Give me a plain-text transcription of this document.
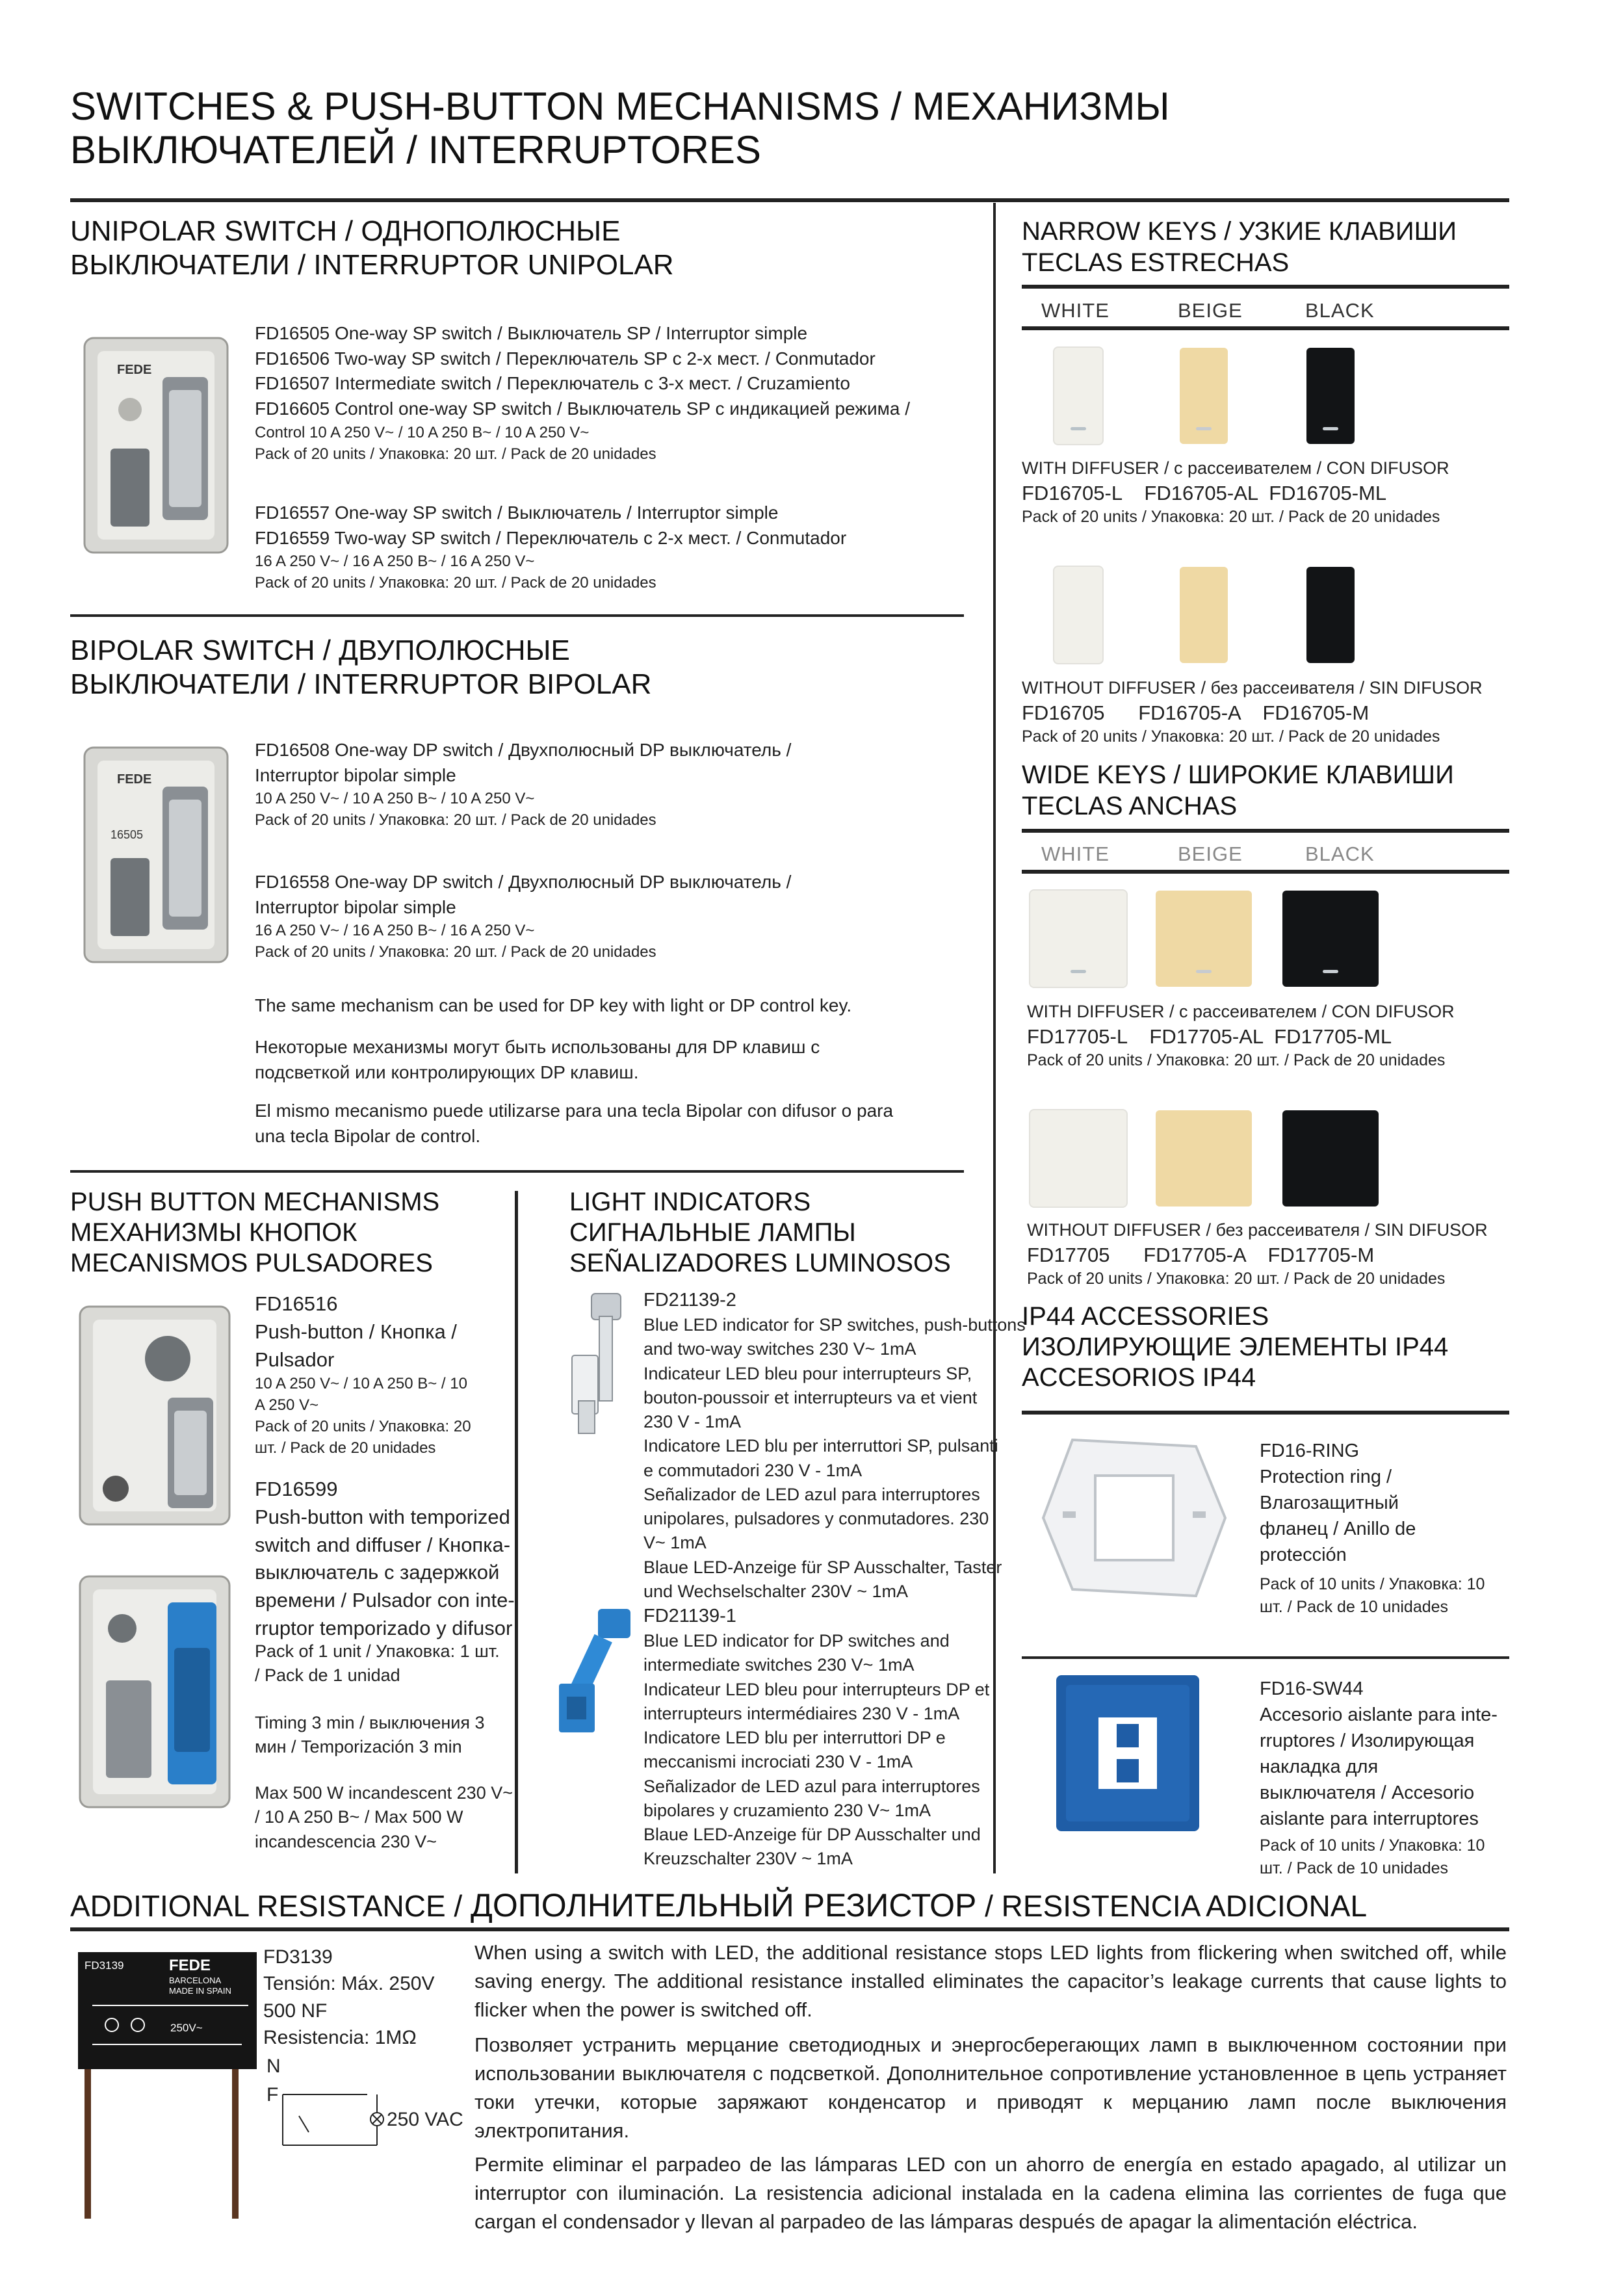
SWITCHES & PUSH-BUTTON MECHANISMS / МЕХАНИЗМЫ
ВЫКЛЮЧАТЕЛЕЙ / INTERRUPTORES
UNIPOLAR SWITCH / ОДНОПОЛЮСНЫЕ
ВЫКЛЮЧАТЕЛИ / INTERRUPTOR UNIPOLAR
FEDE
FD16505 One-way SP switch / Выключатель SP / Interruptor simple
FD16506 Two-way SP switch / Переключатель SP с 2-х мест. / Conmutador
FD16507 Intermediate switch / Переключатель с 3-х мест. / Cruzamiento
FD16605 Control one-way SP switch / Выключатель SP с индикацией режима /
Control 10 A 250 V~ / 10 A 250 B~ / 10 A 250 V~
Pack of 20 units / Упаковка: 20 шт. / Pack de 20 unidades
FD16557 One-way SP switch / Выключатель / Interruptor simple
FD16559 Two-way SP switch / Переключатель с 2-х мест. / Conmutador
16 A 250 V~ / 16 A 250 B~ / 16 A 250 V~
Pack of 20 units / Упаковка: 20 шт. / Pack de 20 unidades
BIPOLAR SWITCH / ДВУПОЛЮСНЫЕ
ВЫКЛЮЧАТЕЛИ / INTERRUPTOR BIPOLAR
FEDE
16505
FD16508 One-way DP switch / Двухполюсный DP выключатель /
Interruptor bipolar simple
10 A 250 V~ / 10 A 250 B~ / 10 A 250 V~
Pack of 20 units / Упаковка: 20 шт. / Pack de 20 unidades
FD16558 One-way DP switch / Двухполюсный DP выключатель /
Interruptor bipolar simple
16 A 250 V~ / 16 A 250 B~ / 16 A 250 V~
Pack of 20 units / Упаковка: 20 шт. / Pack de 20 unidades
The same mechanism can be used for DP key with light or DP control key.
Некоторые механизмы могут быть использованы для DP клавиш с
подсветкой или контролирующих DP клавиш.
El mismo mecanismo puede utilizarse para una tecla Bipolar con difusor o para
una tecla Bipolar de control.
PUSH BUTTON MECHANISMS
МЕХАНИЗМЫ КНОПОК
MECANISMOS PULSADORES
FD16516
Push-button / Кнопка /
Pulsador
10 A 250 V~ / 10 A 250 B~ / 10
A 250 V~
Pack of 20 units / Упаковка: 20
шт. / Pack de 20 unidades
FD16599
Push-button with temporized
switch and diffuser / Кнопка-
выключатель с задержкой
времени / Pulsador con inte-
rruptor temporizado y difusor
Pack of 1 unit / Упаковка: 1 шт.
/ Pack de 1 unidad
Timing 3 min / выключения 3
мин / Temporización 3 min
Max 500 W incandescent 230 V~
/ 10 A 250 B~ / Max 500 W
incandescencia 230 V~
LIGHT INDICATORS
СИГНАЛЬНЫЕ ЛАМПЫ
SEÑALIZADORES LUMINOSOS
FD21139-2
Blue LED indicator for SP switches, push-buttons
and two-way switches 230 V~ 1mA
Indicateur LED bleu pour interrupteurs SP,
bouton-poussoir et interrupteurs va et vient
230 V - 1mA
Indicatore LED blu per interruttori SP, pulsanti
e commutadori 230 V - 1mA
Señalizador de LED azul para interruptores
unipolares, pulsadores y conmutadores. 230
V~ 1mA
Blaue LED-Anzeige für SP Ausschalter, Taster
und Wechselschalter 230V ~ 1mA
FD21139-1
Blue LED indicator for DP switches and
intermediate switches 230 V~ 1mA
Indicateur LED bleu pour interrupteurs DP et
interrupteurs intermédiaires 230 V - 1mA
Indicatore LED blu per interruttori DP e
meccanismi incrociati 230 V - 1mA
Señalizador de LED azul para interruptores
bipolares y cruzamiento 230 V~ 1mA
Blaue LED-Anzeige für DP Ausschalter und
Kreuzschalter 230V ~ 1mA
NARROW KEYS / УЗКИЕ КЛАВИШИ
TECLAS ESTRECHAS
WHITE	BEIGE	BLACK
WITH DIFFUSER / с рассеивателем / CON DIFUSOR
FD16705-L    FD16705-AL  FD16705-ML
Pack of 20 units / Упаковка: 20 шт. / Pack de 20 unidades
WITHOUT DIFFUSER / без рассеивателя / SIN DIFUSOR
FD16705      FD16705-A    FD16705-M
Pack of 20 units / Упаковка: 20 шт. / Pack de 20 unidades
WIDE KEYS / ШИРОКИЕ КЛАВИШИ
TECLAS ANCHAS
WHITE	BEIGE	BLACK
WITH DIFFUSER / с рассеивателем / CON DIFUSOR
FD17705-L    FD17705-AL  FD17705-ML
Pack of 20 units / Упаковка: 20 шт. / Pack de 20 unidades
WITHOUT DIFFUSER / без рассеивателя / SIN DIFUSOR
FD17705      FD17705-A    FD17705-M
Pack of 20 units / Упаковка: 20 шт. / Pack de 20 unidades
IP44 ACCESSORIES
ИЗОЛИРУЮЩИЕ ЭЛЕМЕНТЫ IP44
ACCESORIOS IP44
FD16-RING
Protection ring /
Влагозащитный
фланец / Anillo de
protección
Pack of 10 units / Упаковка: 10
шт. / Pack de 10 unidades
FD16-SW44
Accesorio aislante para inte-
rruptores / Изолирующая
накладка для
выключателя / Accesorio
aislante para interruptores
Pack of 10 units / Упаковка: 10
шт. / Pack de 10 unidades
ADDITIONAL RESISTANCE / ДОПОЛНИТЕЛЬНЫЙ РЕЗИСТОР / RESISTENCIA ADICIONAL
FD3139	FEDE
BARCELONA
MADE IN SPAIN
250V~
FD3139
Tensión: Máx. 250V
500 NF
Resistencia: 1MΩ
N
F
250 VAC
When using a switch with LED, the additional resistance stops LED lights from flickering when switched off, while saving energy. The additional resistance installed eliminates the capacitor’s leakage currents that cause lights to flicker when the power is switched off.
Позволяет устранить мерцание светодиодных и энергосберегающих ламп в выключенном состоянии при использовании выключателя с подсветкой. Дополнительное сопротивление установленное в цепь устраняет токи утечки, которые заряжают конденсатор и приводят к мерцанию ламп после выключения электропитания.
Permite eliminar el parpadeo de las lámparas LED con un ahorro de energía en estado apagado, al utilizar un interruptor con iluminación. La resistencia adicional instalada en la cadena elimina las corrientes de fuga que cargan el condensador y llevan al parpadeo de las lámparas después de apagar la alimentación eléctrica.
